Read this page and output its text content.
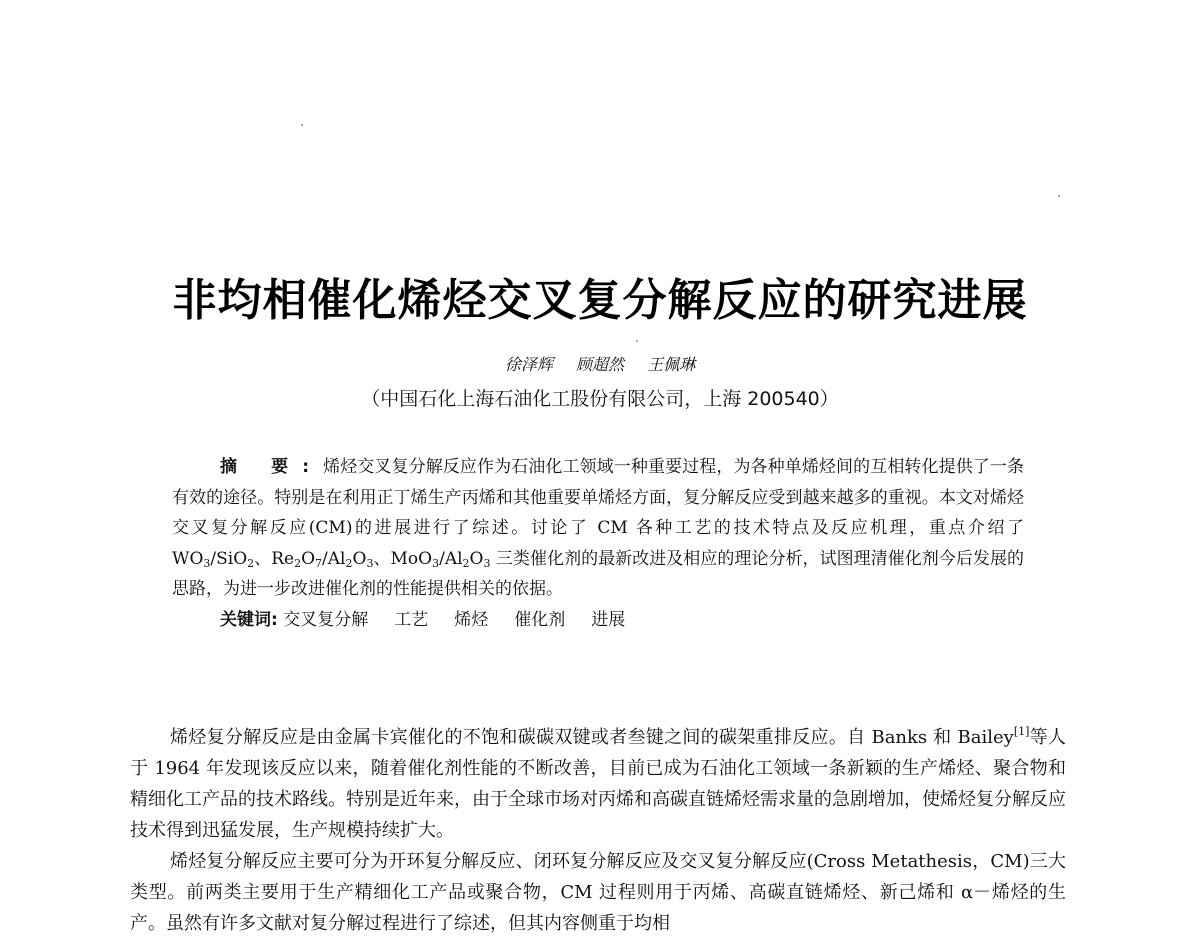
非均相催化烯烃交叉复分解反应的研究进展
徐泽辉 顾超然 王佩琳
（中国石化上海石油化工股份有限公司，上海 200540）
摘 要:烯烃交叉复分解反应作为石油化工领域一种重要过程，为各种单烯烃间的互相转化提供了一条有效的途径。特别是在利用正丁烯生产丙烯和其他重要单烯烃方面，复分解反应受到越来越多的重视。本文对烯烃交叉复分解反应(CM)的进展进行了综述。讨论了 CM 各种工艺的技术特点及反应机理，重点介绍了 $WO_3/SiO_2$、$Re_2O_7/Al_2O_3$、$MoO_3/Al_2O_3$ 三类催化剂的最新改进及相应的理论分析，试图理清催化剂今后发展的思路，为进一步改进催化剂的性能提供相关的依据。
关键词: 交叉复分解 工艺 烯烃 催化剂 进展

烯烃复分解反应是由金属卡宾催化的不饱和碳碳双键或者叁键之间的碳架重排反应。自 Banks 和 Bailey[1]等人于 1964 年发现该反应以来，随着催化剂性能的不断改善，目前已成为石油化工领域一条新颖的生产烯烃、聚合物和精细化工产品的技术路线。特别是近年来，由于全球市场对丙烯和高碳直链烯烃需求量的急剧增加，使烯烃复分解反应技术得到迅猛发展，生产规模持续扩大。

烯烃复分解反应主要可分为开环复分解反应、闭环复分解反应及交叉复分解反应(Cross Metathesis，CM)三大类型。前两类主要用于生产精细化工产品或聚合物，CM 过程则用于丙烯、高碳直链烯烃、新己烯和 α－烯烃的生产。虽然有许多文献对复分解过程进行了综述，但其内容侧重于均相
